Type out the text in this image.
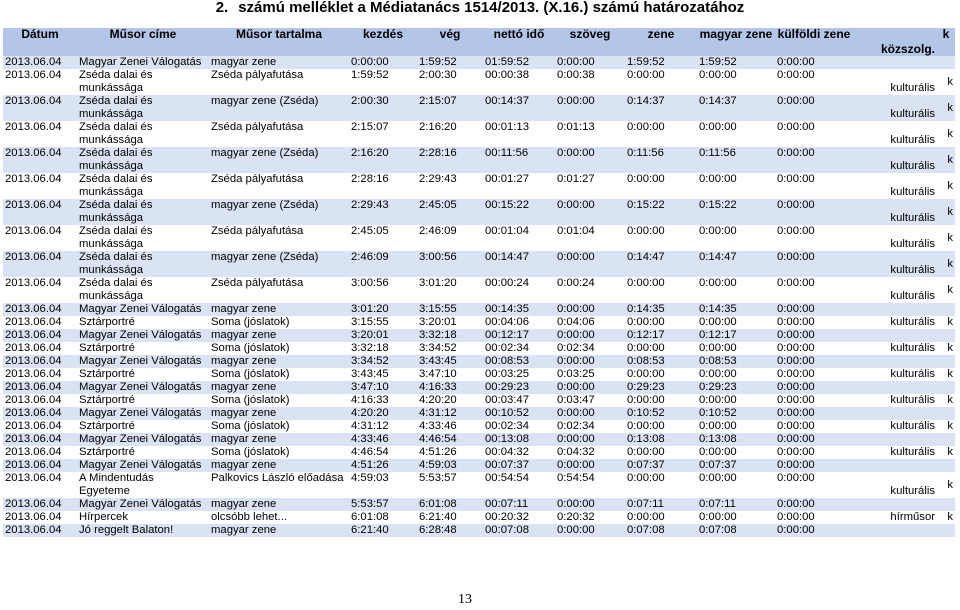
2. számú melléklet a Médiatanács 1514/2013. (X.16.) számú határozatához
Dátum	Műsor címe	Műsor tartalma	kezdés	vég	nettó idő	szöveg	zene	magyar zene	külföldi zene	közszolg.	k

2013.06.04	Magyar Zenei Válogatás	magyar zene	0:00:00	1:59:52	01:59:52	0:00:00	1:59:52	1:59:52	0:00:00		
2013.06.04	Zséda dalai és munkássága	Zséda pályafutása	1:59:52	2:00:30	00:00:38	0:00:38	0:00:00	0:00:00	0:00:00	kulturális	k
2013.06.04	Zséda dalai és munkássága	magyar zene (Zséda)	2:00:30	2:15:07	00:14:37	0:00:00	0:14:37	0:14:37	0:00:00	kulturális	k
2013.06.04	Zséda dalai és munkássága	Zséda pályafutása	2:15:07	2:16:20	00:01:13	0:01:13	0:00:00	0:00:00	0:00:00	kulturális	k
2013.06.04	Zséda dalai és munkássága	magyar zene (Zséda)	2:16:20	2:28:16	00:11:56	0:00:00	0:11:56	0:11:56	0:00:00	kulturális	k
2013.06.04	Zséda dalai és munkássága	Zséda pályafutása	2:28:16	2:29:43	00:01:27	0:01:27	0:00:00	0:00:00	0:00:00	kulturális	k
2013.06.04	Zséda dalai és munkássága	magyar zene (Zséda)	2:29:43	2:45:05	00:15:22	0:00:00	0:15:22	0:15:22	0:00:00	kulturális	k
2013.06.04	Zséda dalai és munkássága	Zséda pályafutása	2:45:05	2:46:09	00:01:04	0:01:04	0:00:00	0:00:00	0:00:00	kulturális	k
2013.06.04	Zséda dalai és munkássága	magyar zene (Zséda)	2:46:09	3:00:56	00:14:47	0:00:00	0:14:47	0:14:47	0:00:00	kulturális	k
2013.06.04	Zséda dalai és munkássága	Zséda pályafutása	3:00:56	3:01:20	00:00:24	0:00:24	0:00:00	0:00:00	0:00:00	kulturális	k
2013.06.04	Magyar Zenei Válogatás	magyar zene	3:01:20	3:15:55	00:14:35	0:00:00	0:14:35	0:14:35	0:00:00		
2013.06.04	Sztárportré	Soma (jóslatok)	3:15:55	3:20:01	00:04:06	0:04:06	0:00:00	0:00:00	0:00:00	kulturális	k
2013.06.04	Magyar Zenei Válogatás	magyar zene	3:20:01	3:32:18	00:12:17	0:00:00	0:12:17	0:12:17	0:00:00		
2013.06.04	Sztárportré	Soma (jóslatok)	3:32:18	3:34:52	00:02:34	0:02:34	0:00:00	0:00:00	0:00:00	kulturális	k
2013.06.04	Magyar Zenei Válogatás	magyar zene	3:34:52	3:43:45	00:08:53	0:00:00	0:08:53	0:08:53	0:00:00		
2013.06.04	Sztárportré	Soma (jóslatok)	3:43:45	3:47:10	00:03:25	0:03:25	0:00:00	0:00:00	0:00:00	kulturális	k
2013.06.04	Magyar Zenei Válogatás	magyar zene	3:47:10	4:16:33	00:29:23	0:00:00	0:29:23	0:29:23	0:00:00		
2013.06.04	Sztárportré	Soma (jóslatok)	4:16:33	4:20:20	00:03:47	0:03:47	0:00:00	0:00:00	0:00:00	kulturális	k
2013.06.04	Magyar Zenei Válogatás	magyar zene	4:20:20	4:31:12	00:10:52	0:00:00	0:10:52	0:10:52	0:00:00		
2013.06.04	Sztárportré	Soma (jóslatok)	4:31:12	4:33:46	00:02:34	0:02:34	0:00:00	0:00:00	0:00:00	kulturális	k
2013.06.04	Magyar Zenei Válogatás	magyar zene	4:33:46	4:46:54	00:13:08	0:00:00	0:13:08	0:13:08	0:00:00		
2013.06.04	Sztárportré	Soma (jóslatok)	4:46:54	4:51:26	00:04:32	0:04:32	0:00:00	0:00:00	0:00:00	kulturális	k
2013.06.04	Magyar Zenei Válogatás	magyar zene	4:51:26	4:59:03	00:07:37	0:00:00	0:07:37	0:07:37	0:00:00		
2013.06.04	A Mindentudás Egyeteme	Palkovics László előadása	4:59:03	5:53:57	00:54:54	0:54:54	0:00:00	0:00:00	0:00:00	kulturális	k
2013.06.04	Magyar Zenei Válogatás	magyar zene	5:53:57	6:01:08	00:07:11	0:00:00	0:07:11	0:07:11	0:00:00		
2013.06.04	Hírpercek	olcsóbb lehet...	6:01:08	6:21:40	00:20:32	0:20:32	0:00:00	0:00:00	0:00:00	hírműsor	k
2013.06.04	Jó reggelt Balaton!	magyar zene	6:21:40	6:28:48	00:07:08	0:00:00	0:07:08	0:07:08	0:00:00		
13
